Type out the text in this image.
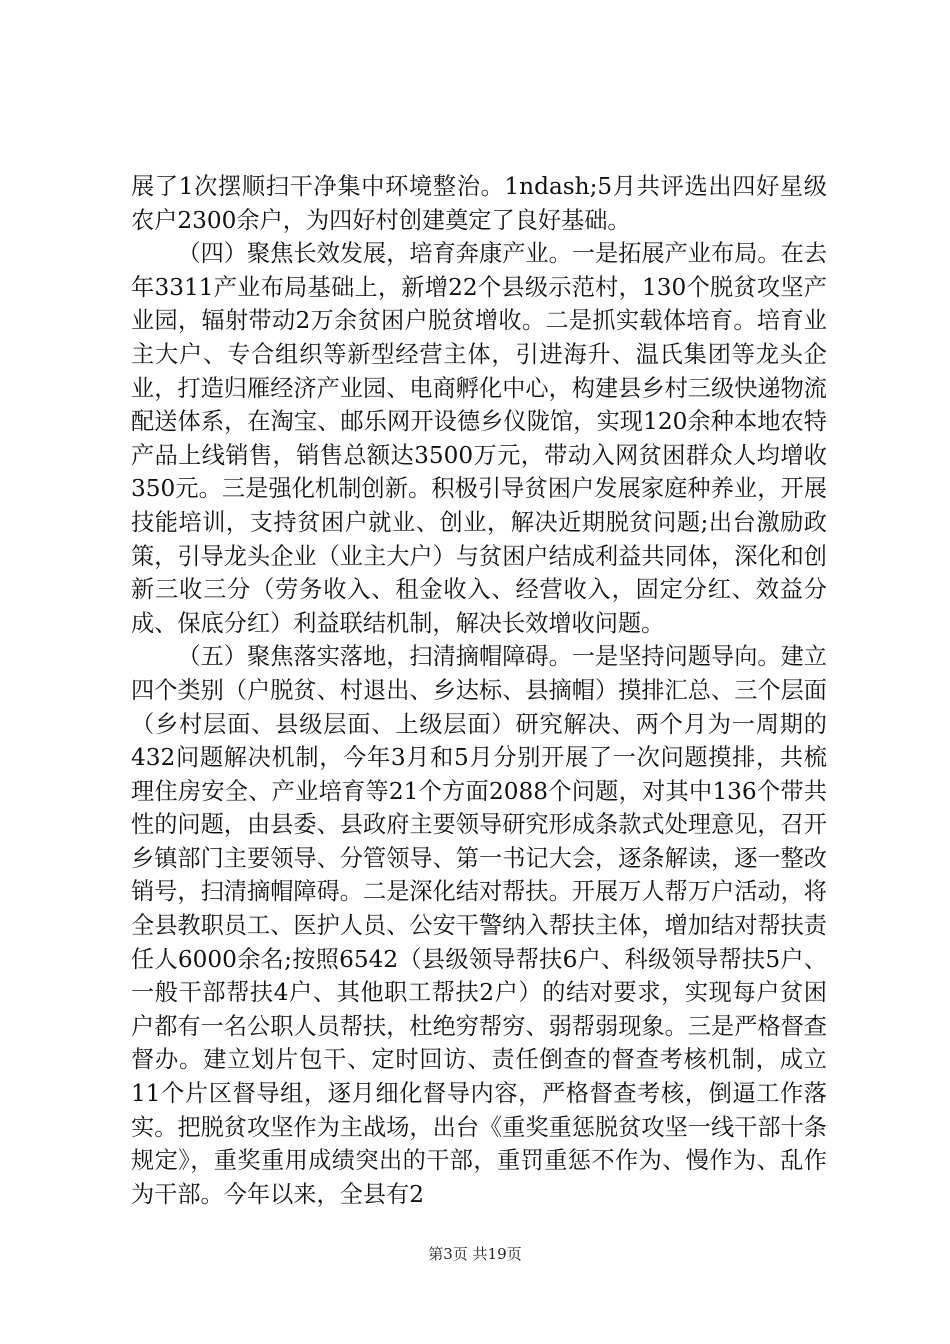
展了1次摆顺扫干净集中环境整治。1ndash;5月共评选出四好星级农户2300余户，为四好村创建奠定了良好基础。

（四）聚焦长效发展，培育奔康产业。一是拓展产业布局。在去年3311产业布局基础上，新增22个县级示范村，130个脱贫攻坚产业园，辐射带动2万余贫困户脱贫增收。二是抓实载体培育。培育业主大户、专合组织等新型经营主体，引进海升、温氏集团等龙头企业，打造归雁经济产业园、电商孵化中心，构建县乡村三级快递物流配送体系，在淘宝、邮乐网开设德乡仪陇馆，实现120余种本地农特产品上线销售，销售总额达3500万元，带动入网贫困群众人均增收350元。三是强化机制创新。积极引导贫困户发展家庭种养业，开展技能培训，支持贫困户就业、创业，解决近期脱贫问题;出台激励政策，引导龙头企业（业主大户）与贫困户结成利益共同体，深化和创新三收三分（劳务收入、租金收入、经营收入，固定分红、效益分成、保底分红）利益联结机制，解决长效增收问题。

（五）聚焦落实落地，扫清摘帽障碍。一是坚持问题导向。建立四个类别（户脱贫、村退出、乡达标、县摘帽）摸排汇总、三个层面（乡村层面、县级层面、上级层面）研究解决、两个月为一周期的432问题解决机制，今年3月和5月分别开展了一次问题摸排，共梳理住房安全、产业培育等21个方面2088个问题，对其中136个带共性的问题，由县委、县政府主要领导研究形成条款式处理意见，召开乡镇部门主要领导、分管领导、第一书记大会，逐条解读，逐一整改销号，扫清摘帽障碍。二是深化结对帮扶。开展万人帮万户活动，将全县教职员工、医护人员、公安干警纳入帮扶主体，增加结对帮扶责任人6000余名;按照6542（县级领导帮扶6户、科级领导帮扶5户、一般干部帮扶4户、其他职工帮扶2户）的结对要求，实现每户贫困户都有一名公职人员帮扶，杜绝穷帮穷、弱帮弱现象。三是严格督查督办。建立划片包干、定时回访、责任倒查的督查考核机制，成立11个片区督导组，逐月细化督导内容，严格督查考核，倒逼工作落实。把脱贫攻坚作为主战场，出台《重奖重惩脱贫攻坚一线干部十条规定》，重奖重用成绩突出的干部，重罚重惩不作为、慢作为、乱作为干部。今年以来，全县有2

第3页 共19页
